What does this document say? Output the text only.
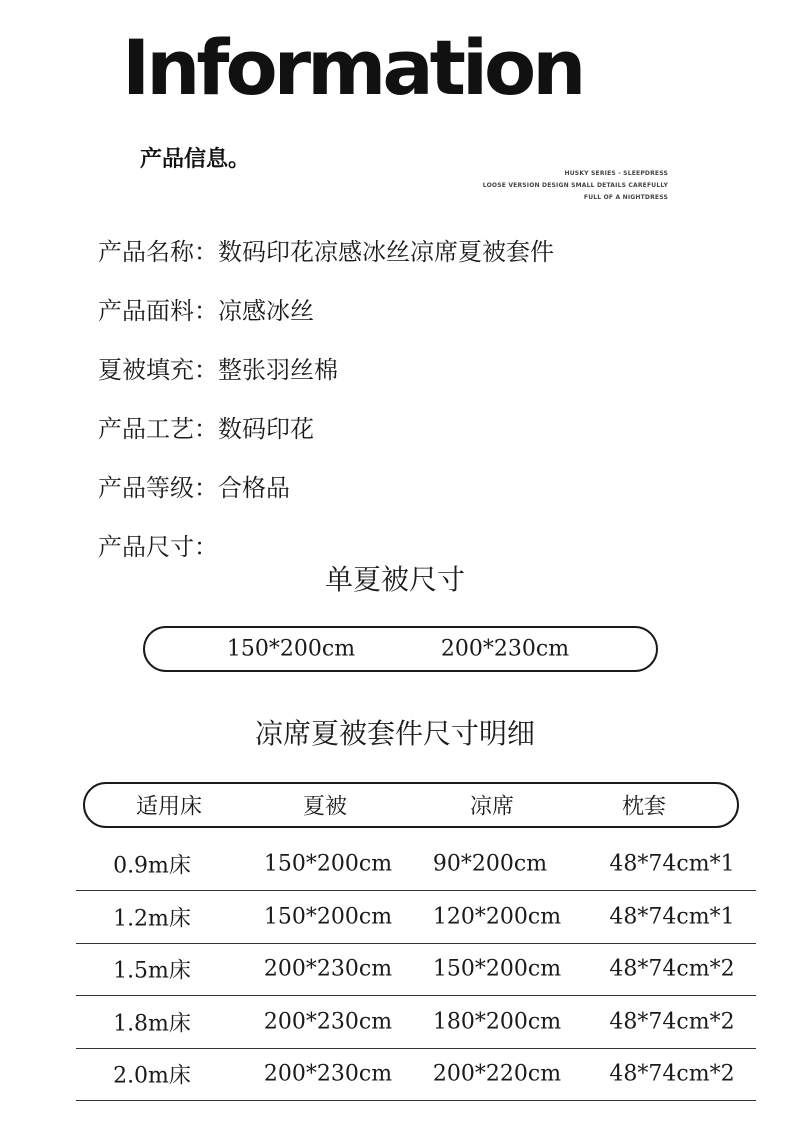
Information
产品信息。
HUSKY SERIES - SLEEPDRESS
LOOSE VERSION DESIGN SMALL DETAILS CAREFULLY
FULL OF A NIGHTDRESS
产品名称：数码印花凉感冰丝凉席夏被套件
产品面料：凉感冰丝
夏被填充：整张羽丝棉
产品工艺：数码印花
产品等级：合格品
产品尺寸：
单夏被尺寸
150*200cm	200*230cm
凉席夏被套件尺寸明细
适用床	夏被	凉席	枕套
0.9m床	150*200cm 90*200cm	48*74cm*1
1.2m床	150*200cm 120*200cm 48*74cm*1
1.5m床	200*230cm 150*200cm 48*74cm*2
1.8m床	200*230cm 180*200cm 48*74cm*2
2.0m床	200*230cm 200*220cm 48*74cm*2
